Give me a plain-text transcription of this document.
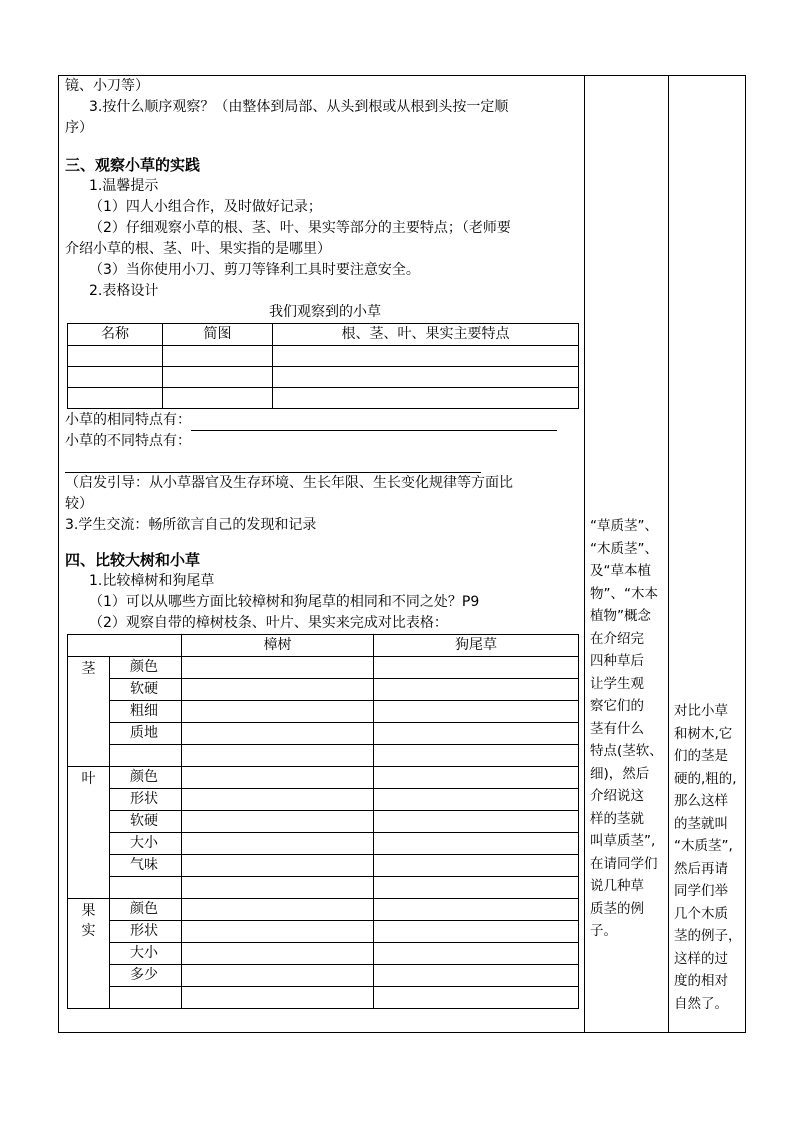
镜、小刀等）
3.按什么顺序观察？（由整体到局部、从头到根或从根到头按一定顺
序）
三、观察小草的实践
1.温馨提示
（1）四人小组合作，及时做好记录；
（2）仔细观察小草的根、茎、叶、果实等部分的主要特点；（老师要
介绍小草的根、茎、叶、果实指的是哪里）
（3）当你使用小刀、剪刀等锋利工具时要注意安全。
2.表格设计
我们观察到的小草
名称	简图	根、茎、叶、果实主要特点

小草的相同特点有：
小草的不同特点有：
（启发引导：从小草器官及生存环境、生长年限、生长变化规律等方面比
较）
3.学生交流：畅所欲言自己的发现和记录
四、比较大树和小草
1.比较樟树和狗尾草
（1）可以从哪些方面比较樟树和狗尾草的相同和不同之处？P9
（2）观察自带的樟树枝条、叶片、果实来完成对比表格：
		樟树	狗尾草
茎	颜色		
	软硬		
	粗细		
	质地		

叶	颜色		
	形状		
	软硬		
	大小		
	气味		

果
实	颜色		
	形状		
	大小		
	多少		

“草质茎”、
“木质茎”、
及“草本植
物”、“木本
植物”概念
在介绍完
四种草后
让学生观
察它们的
茎有什么
特点(茎软、
细)，然后
介绍说这
样的茎就
叫草质茎”,
在请同学们
说几种草
质茎的例
子。
对比小草
和树木,它
们的茎是
硬的,粗的,
那么这样
的茎就叫
“木质茎”,
然后再请
同学们举
几个木质
茎的例子，
这样的过
度的相对
自然了。
